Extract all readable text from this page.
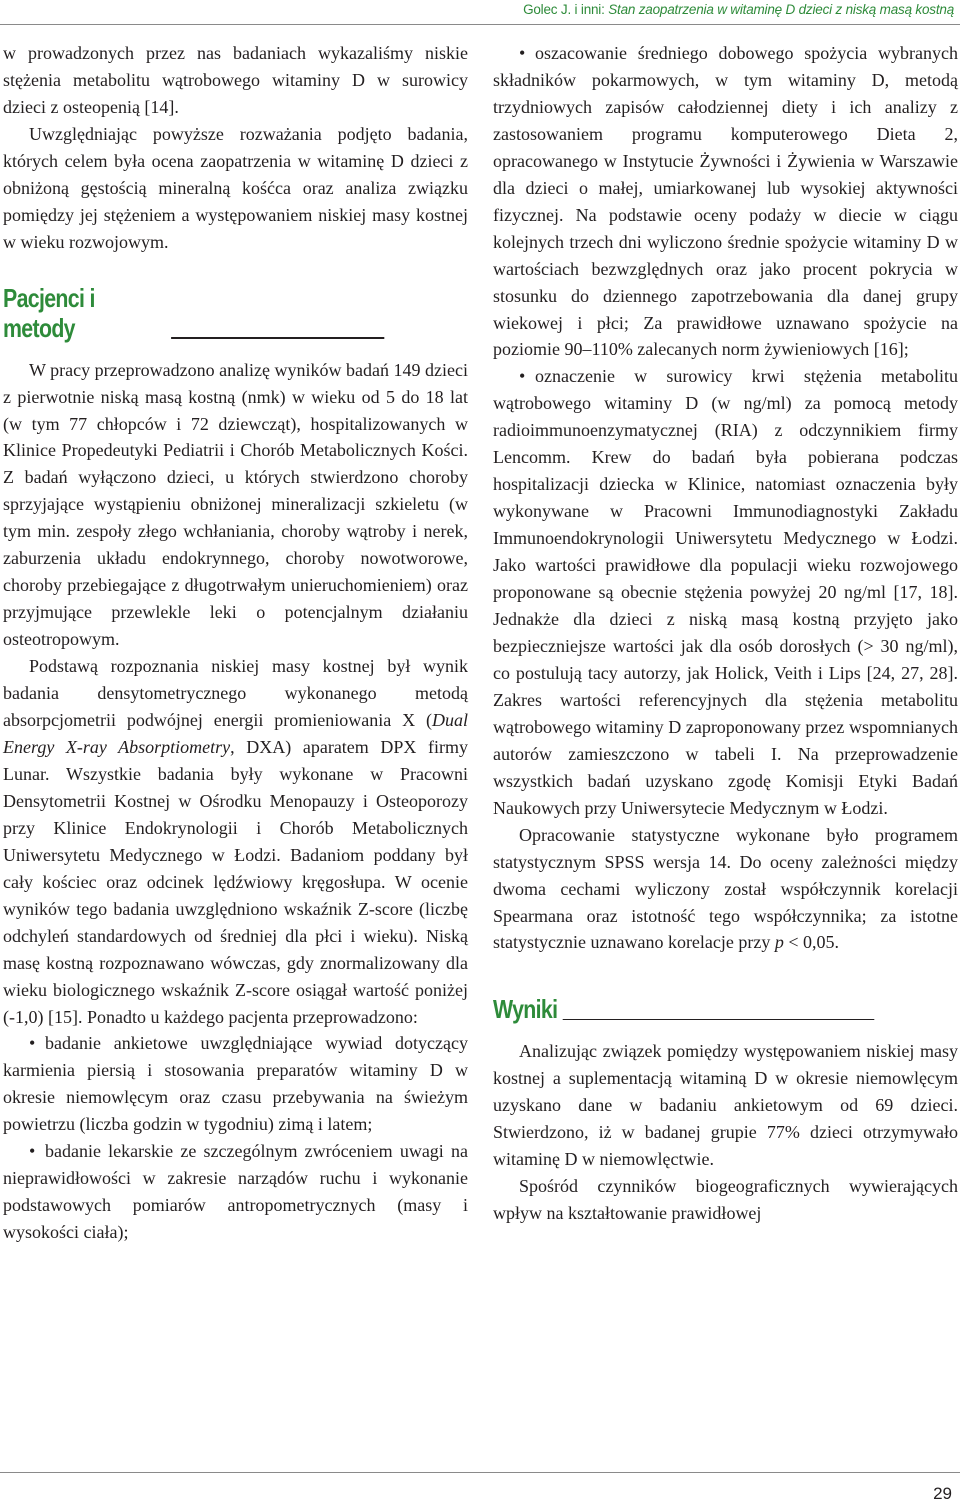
Golec J. i inni: Stan zaopatrzenia w witaminę D dzieci z niską masą kostną

w prowadzonych przez nas badaniach wykazaliśmy niskie stężenia metabolitu wątrobowego witaminy D w surowicy dzieci z osteopenią [14].

Uwzględniając powyższe rozważania podjęto badania, których celem była ocena zaopatrzenia w witaminę D dzieci z obniżoną gęstością mineralną kośćca oraz analiza związku pomiędzy jej stężeniem a występowaniem niskiej masy kostnej w wieku rozwojowym.

Pacjenci i metody

W pracy przeprowadzono analizę wyników badań 149 dzieci z pierwotnie niską masą kostną (nmk) w wieku od 5 do 18 lat (w tym 77 chłopców i 72 dziewcząt), hospitalizowanych w Klinice Propedeutyki Pediatrii i Chorób Metabolicznych Kości. Z badań wyłączono dzieci, u których stwierdzono choroby sprzyjające wystąpieniu obniżonej mineralizacji szkieletu (w tym min. zespoły złego wchłaniania, choroby wątroby i nerek, zaburzenia układu endokrynnego, choroby nowotworowe, choroby przebiegające z długotrwałym unieruchomieniem) oraz przyjmujące przewlekle leki o potencjalnym działaniu osteotropowym.

Podstawą rozpoznania niskiej masy kostnej był wynik badania densytometrycznego wykonanego metodą absorpcjometrii podwójnej energii promieniowania X (Dual Energy X-ray Absorptiometry, DXA) aparatem DPX firmy Lunar. Wszystkie badania były wykonane w Pracowni Densytometrii Kostnej w Ośrodku Menopauzy i Osteoporozy przy Klinice Endokrynologii i Chorób Metabolicznych Uniwersytetu Medycznego w Łodzi. Badaniom poddany był cały kościec oraz odcinek lędźwiowy kręgosłupa. W ocenie wyników tego badania uwzględniono wskaźnik Z-score (liczbę odchyleń standardowych od średniej dla płci i wieku). Niską masę kostną rozpoznawano wówczas, gdy znormalizowany dla wieku biologicznego wskaźnik Z-score osiągał wartość poniżej (-1,0) [15]. Ponadto u każdego pacjenta przeprowadzono:

• badanie ankietowe uwzględniające wywiad dotyczący karmienia piersią i stosowania preparatów witaminy D w okresie niemowlęcym oraz czasu przebywania na świeżym powietrzu (liczba godzin w tygodniu) zimą i latem;

• badanie lekarskie ze szczególnym zwróceniem uwagi na nieprawidłowości w zakresie narządów ruchu i wykonanie podstawowych pomiarów antropometrycznych (masy i wysokości ciała);

• oszacowanie średniego dobowego spożycia wybranych składników pokarmowych, w tym witaminy D, metodą trzydniowych zapisów całodziennej diety i ich analizy z zastosowaniem programu komputerowego Dieta 2, opracowanego w Instytucie Żywności i Żywienia w Warszawie dla dzieci o małej, umiarkowanej lub wysokiej aktywności fizycznej. Na podstawie oceny podaży w diecie w ciągu kolejnych trzech dni wyliczono średnie spożycie witaminy D w wartościach bezwzględnych oraz jako procent pokrycia w stosunku do dziennego zapotrzebowania dla danej grupy wiekowej i płci; Za prawidłowe uznawano spożycie na poziomie 90–110% zalecanych norm żywieniowych [16];

• oznaczenie w surowicy krwi stężenia metabolitu wątrobowego witaminy D (w ng/ml) za pomocą metody radioimmunoenzymatycznej (RIA) z odczynnikiem firmy Lencomm. Krew do badań była pobierana podczas hospitalizacji dziecka w Klinice, natomiast oznaczenia były wykonywane w Pracowni Immunodiagnostyki Zakładu Immunoendokrynologii Uniwersytetu Medycznego w Łodzi. Jako wartości prawidłowe dla populacji wieku rozwojowego proponowane są obecnie stężenia powyżej 20 ng/ml [17, 18]. Jednakże dla dzieci z niską masą kostną przyjęto jako bezpieczniejsze wartości jak dla osób dorosłych (> 30 ng/ml), co postulują tacy autorzy, jak Holick, Veith i Lips [24, 27, 28]. Zakres wartości referencyjnych dla stężenia metabolitu wątrobowego witaminy D zaproponowany przez wspomnianych autorów zamieszczono w tabeli I. Na przeprowadzenie wszystkich badań uzyskano zgodę Komisji Etyki Badań Naukowych przy Uniwersytecie Medycznym w Łodzi.

Opracowanie statystyczne wykonane było programem statystycznym SPSS wersja 14. Do oceny zależności między dwoma cechami wyliczony został współczynnik korelacji Spearmana oraz istotność tego współczynnika; za istotne statystycznie uznawano korelacje przy p < 0,05.

Wyniki

Analizując związek pomiędzy występowaniem niskiej masy kostnej a suplementacją witaminą D w okresie niemowlęcym uzyskano dane w badaniu ankietowym od 69 dzieci. Stwierdzono, iż w badanej grupie 77% dzieci otrzymywało witaminę D w niemowlęctwie.

Spośród czynników biogeograficznych wywierających wpływ na kształtowanie prawidłowej

29
